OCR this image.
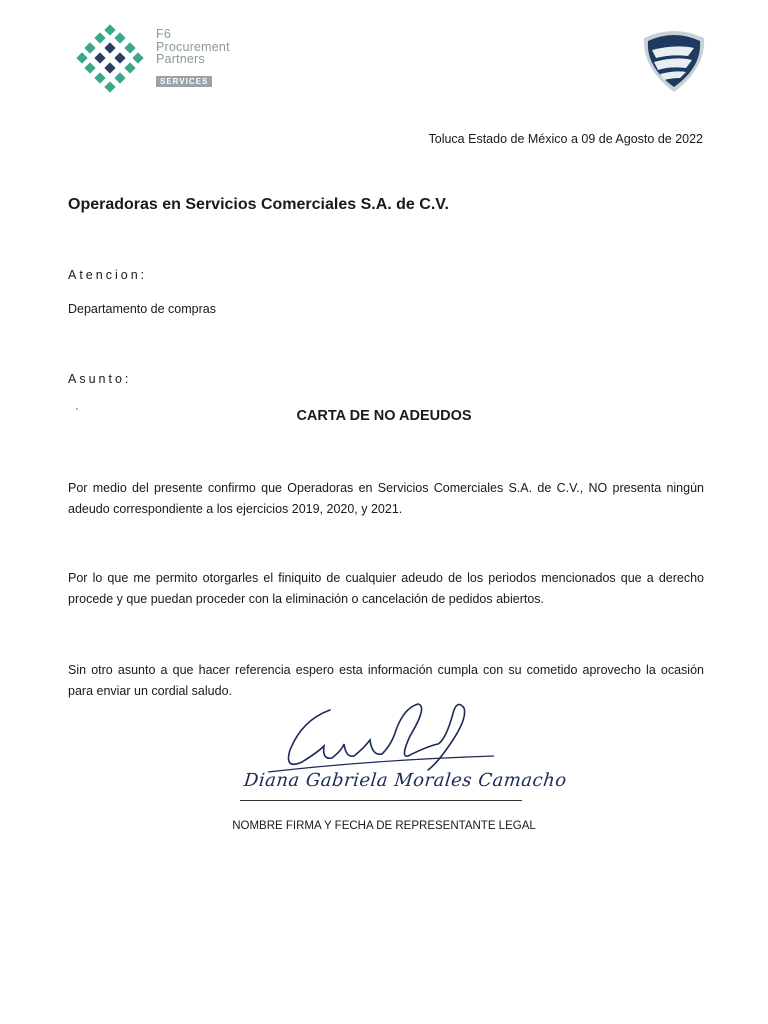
F6
Procurement
Partners
SERVICES
Toluca Estado de México a 09 de Agosto de 2022
Operadoras en Servicios Comerciales S.A. de C.V.
Atencion:
Departamento de compras
Asunto:
CARTA DE NO ADEUDOS
Por medio del presente confirmo que Operadoras en Servicios Comerciales S.A. de C.V., NO presenta ningún adeudo correspondiente a los ejercicios 2019, 2020, y 2021.
Por lo que me permito otorgarles el finiquito de cualquier adeudo de los periodos mencionados que a derecho procede y que puedan proceder con la eliminación o cancelación de pedidos abiertos.
Sin otro asunto a que hacer referencia espero esta información cumpla con su cometido aprovecho la ocasión para enviar un cordial saludo.
Diana Gabriela Morales Camacho
NOMBRE FIRMA Y FECHA DE REPRESENTANTE LEGAL
